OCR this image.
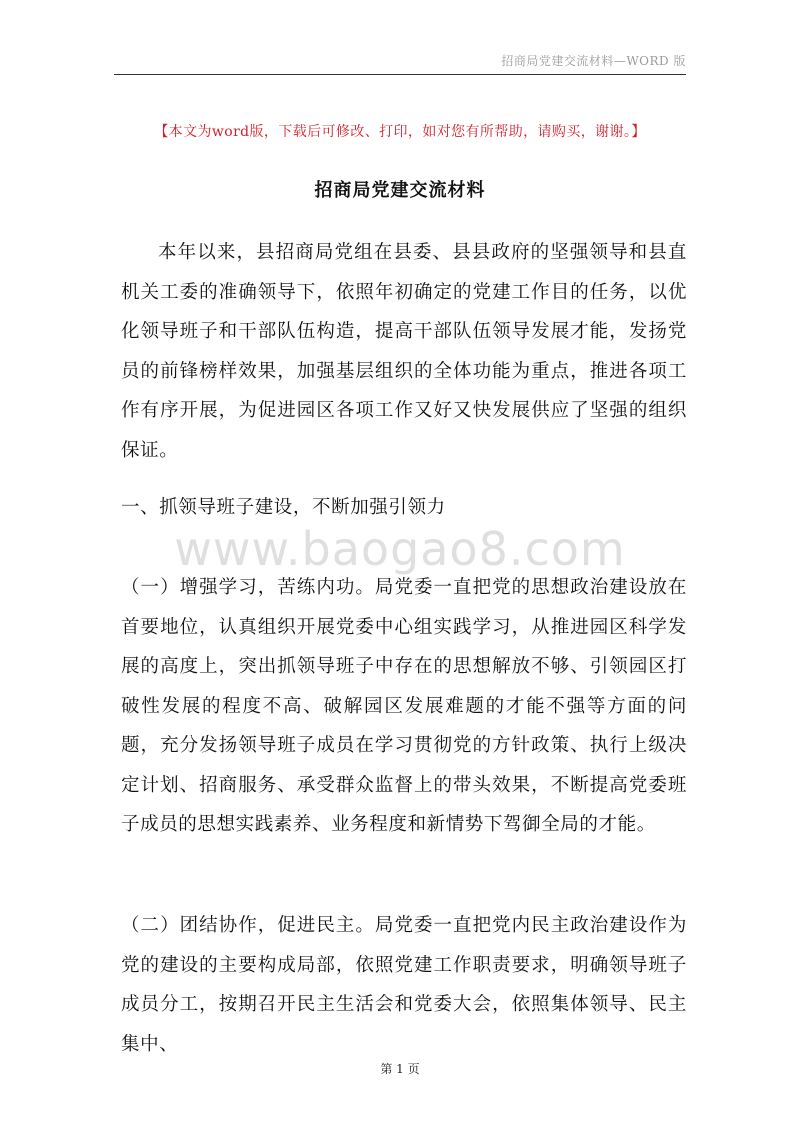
招商局党建交流材料—WORD 版
【本文为word版，下载后可修改、打印，如对您有所帮助，请购买，谢谢。】
招商局党建交流材料

本年以来，县招商局党组在县委、县县政府的坚强领导和县直机关工委的准确领导下，依照年初确定的党建工作目的任务，以优化领导班子和干部队伍构造，提高干部队伍领导发展才能，发扬党员的前锋榜样效果，加强基层组织的全体功能为重点，推进各项工作有序开展，为促进园区各项工作又好又快发展供应了坚强的组织保证。

一、抓领导班子建设，不断加强引领力

www.baogao8.com

（一）增强学习，苦练内功。局党委一直把党的思想政治建设放在首要地位，认真组织开展党委中心组实践学习，从推进园区科学发展的高度上，突出抓领导班子中存在的思想解放不够、引领园区打破性发展的程度不高、破解园区发展难题的才能不强等方面的问题，充分发扬领导班子成员在学习贯彻党的方针政策、执行上级决定计划、招商服务、承受群众监督上的带头效果，不断提高党委班子成员的思想实践素养、业务程度和新情势下驾御全局的才能。

（二）团结协作，促进民主。局党委一直把党内民主政治建设作为党的建设的主要构成局部，依照党建工作职责要求，明确领导班子成员分工，按期召开民主生活会和党委大会，依照集体领导、民主集中、

第 1 页
